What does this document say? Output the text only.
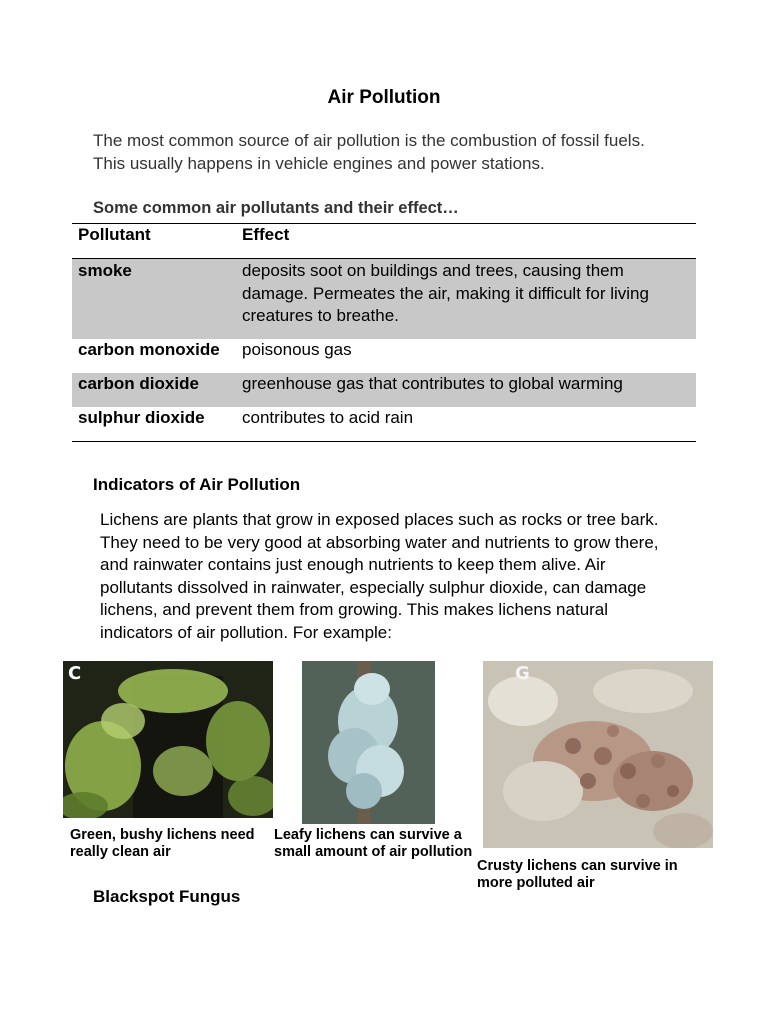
Air Pollution
The most common source of air pollution is the combustion of fossil fuels. This usually happens in vehicle engines and power stations.
Some common air pollutants and their effect…
Pollutant	Effect
smoke	deposits soot on buildings and trees, causing them damage. Permeates the air, making it difficult for living creatures to breathe.
carbon monoxide	poisonous gas
carbon dioxide	greenhouse gas that contributes to global warming
sulphur dioxide	contributes to acid rain
Indicators of Air Pollution
Lichens are plants that grow in exposed places such as rocks or tree bark. They need to be very good at absorbing water and nutrients to grow there, and rainwater contains just enough nutrients to keep them alive. Air pollutants dissolved in rainwater, especially sulphur dioxide, can damage lichens, and prevent them from growing. This makes lichens natural indicators of air pollution. For example:
C
Green, bushy lichens need really clean air
Leafy lichens can survive a small amount of air pollution
G
Crusty lichens can survive in more polluted air
Blackspot Fungus
